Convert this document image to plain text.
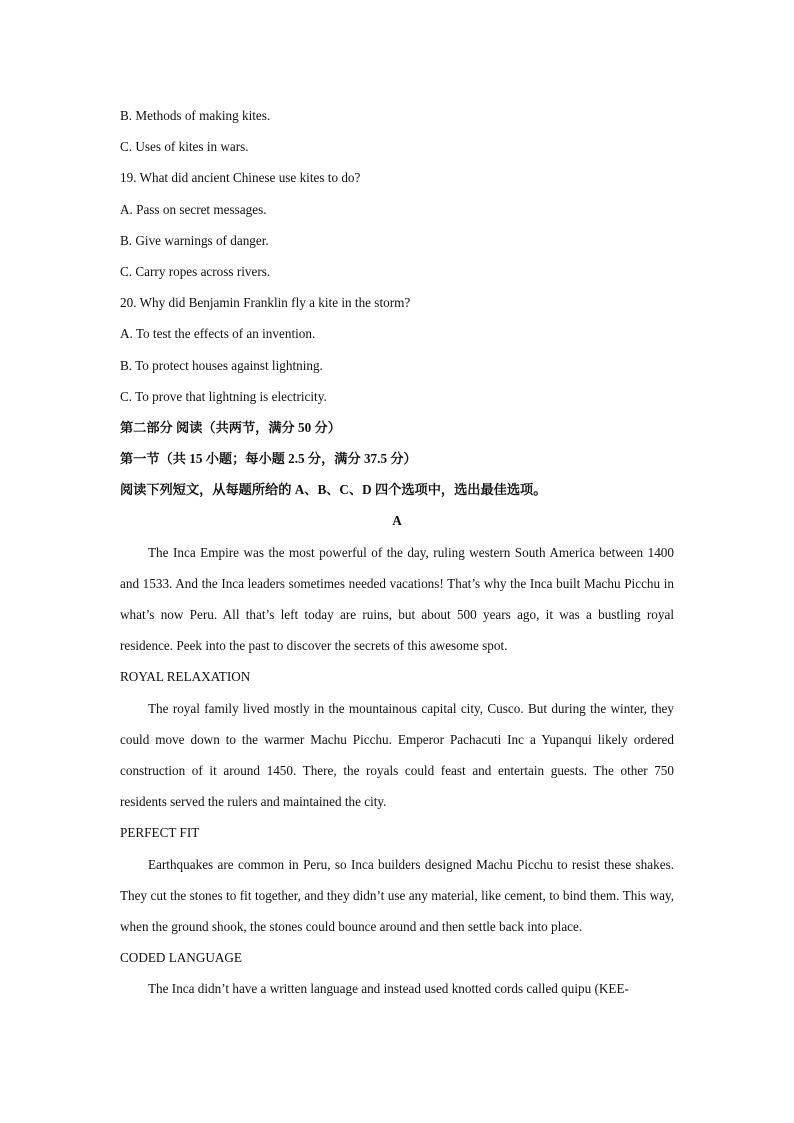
B. Methods of making kites.
C. Uses of kites in wars.
19. What did ancient Chinese use kites to do?
A. Pass on secret messages.
B. Give warnings of danger.
C. Carry ropes across rivers.
20. Why did Benjamin Franklin fly a kite in the storm?
A. To test the effects of an invention.
B. To protect houses against lightning.
C. To prove that lightning is electricity.
第二部分 阅读（共两节，满分 50 分）
第一节（共 15 小题；每小题 2.5 分，满分 37.5 分）
阅读下列短文，从每题所给的 A、B、C、D 四个选项中，选出最佳选项。
A

The Inca Empire was the most powerful of the day, ruling western South America between 1400 and 1533. And the Inca leaders sometimes needed vacations! That’s why the Inca built Machu Picchu in what’s now Peru. All that’s left today are ruins, but about 500 years ago, it was a bustling royal residence. Peek into the past to discover the secrets of this awesome spot.

ROYAL RELAXATION

The royal family lived mostly in the mountainous capital city, Cusco. But during the winter, they could move down to the warmer Machu Picchu. Emperor Pachacuti Inc a Yupanqui likely ordered construction of it around 1450. There, the royals could feast and entertain guests. The other 750 residents served the rulers and maintained the city.

PERFECT FIT

Earthquakes are common in Peru, so Inca builders designed Machu Picchu to resist these shakes. They cut the stones to fit together, and they didn’t use any material, like cement, to bind them. This way, when the ground shook, the stones could bounce around and then settle back into place.

CODED LANGUAGE

The Inca didn’t have a written language and instead used knotted cords called quipu (KEE-
